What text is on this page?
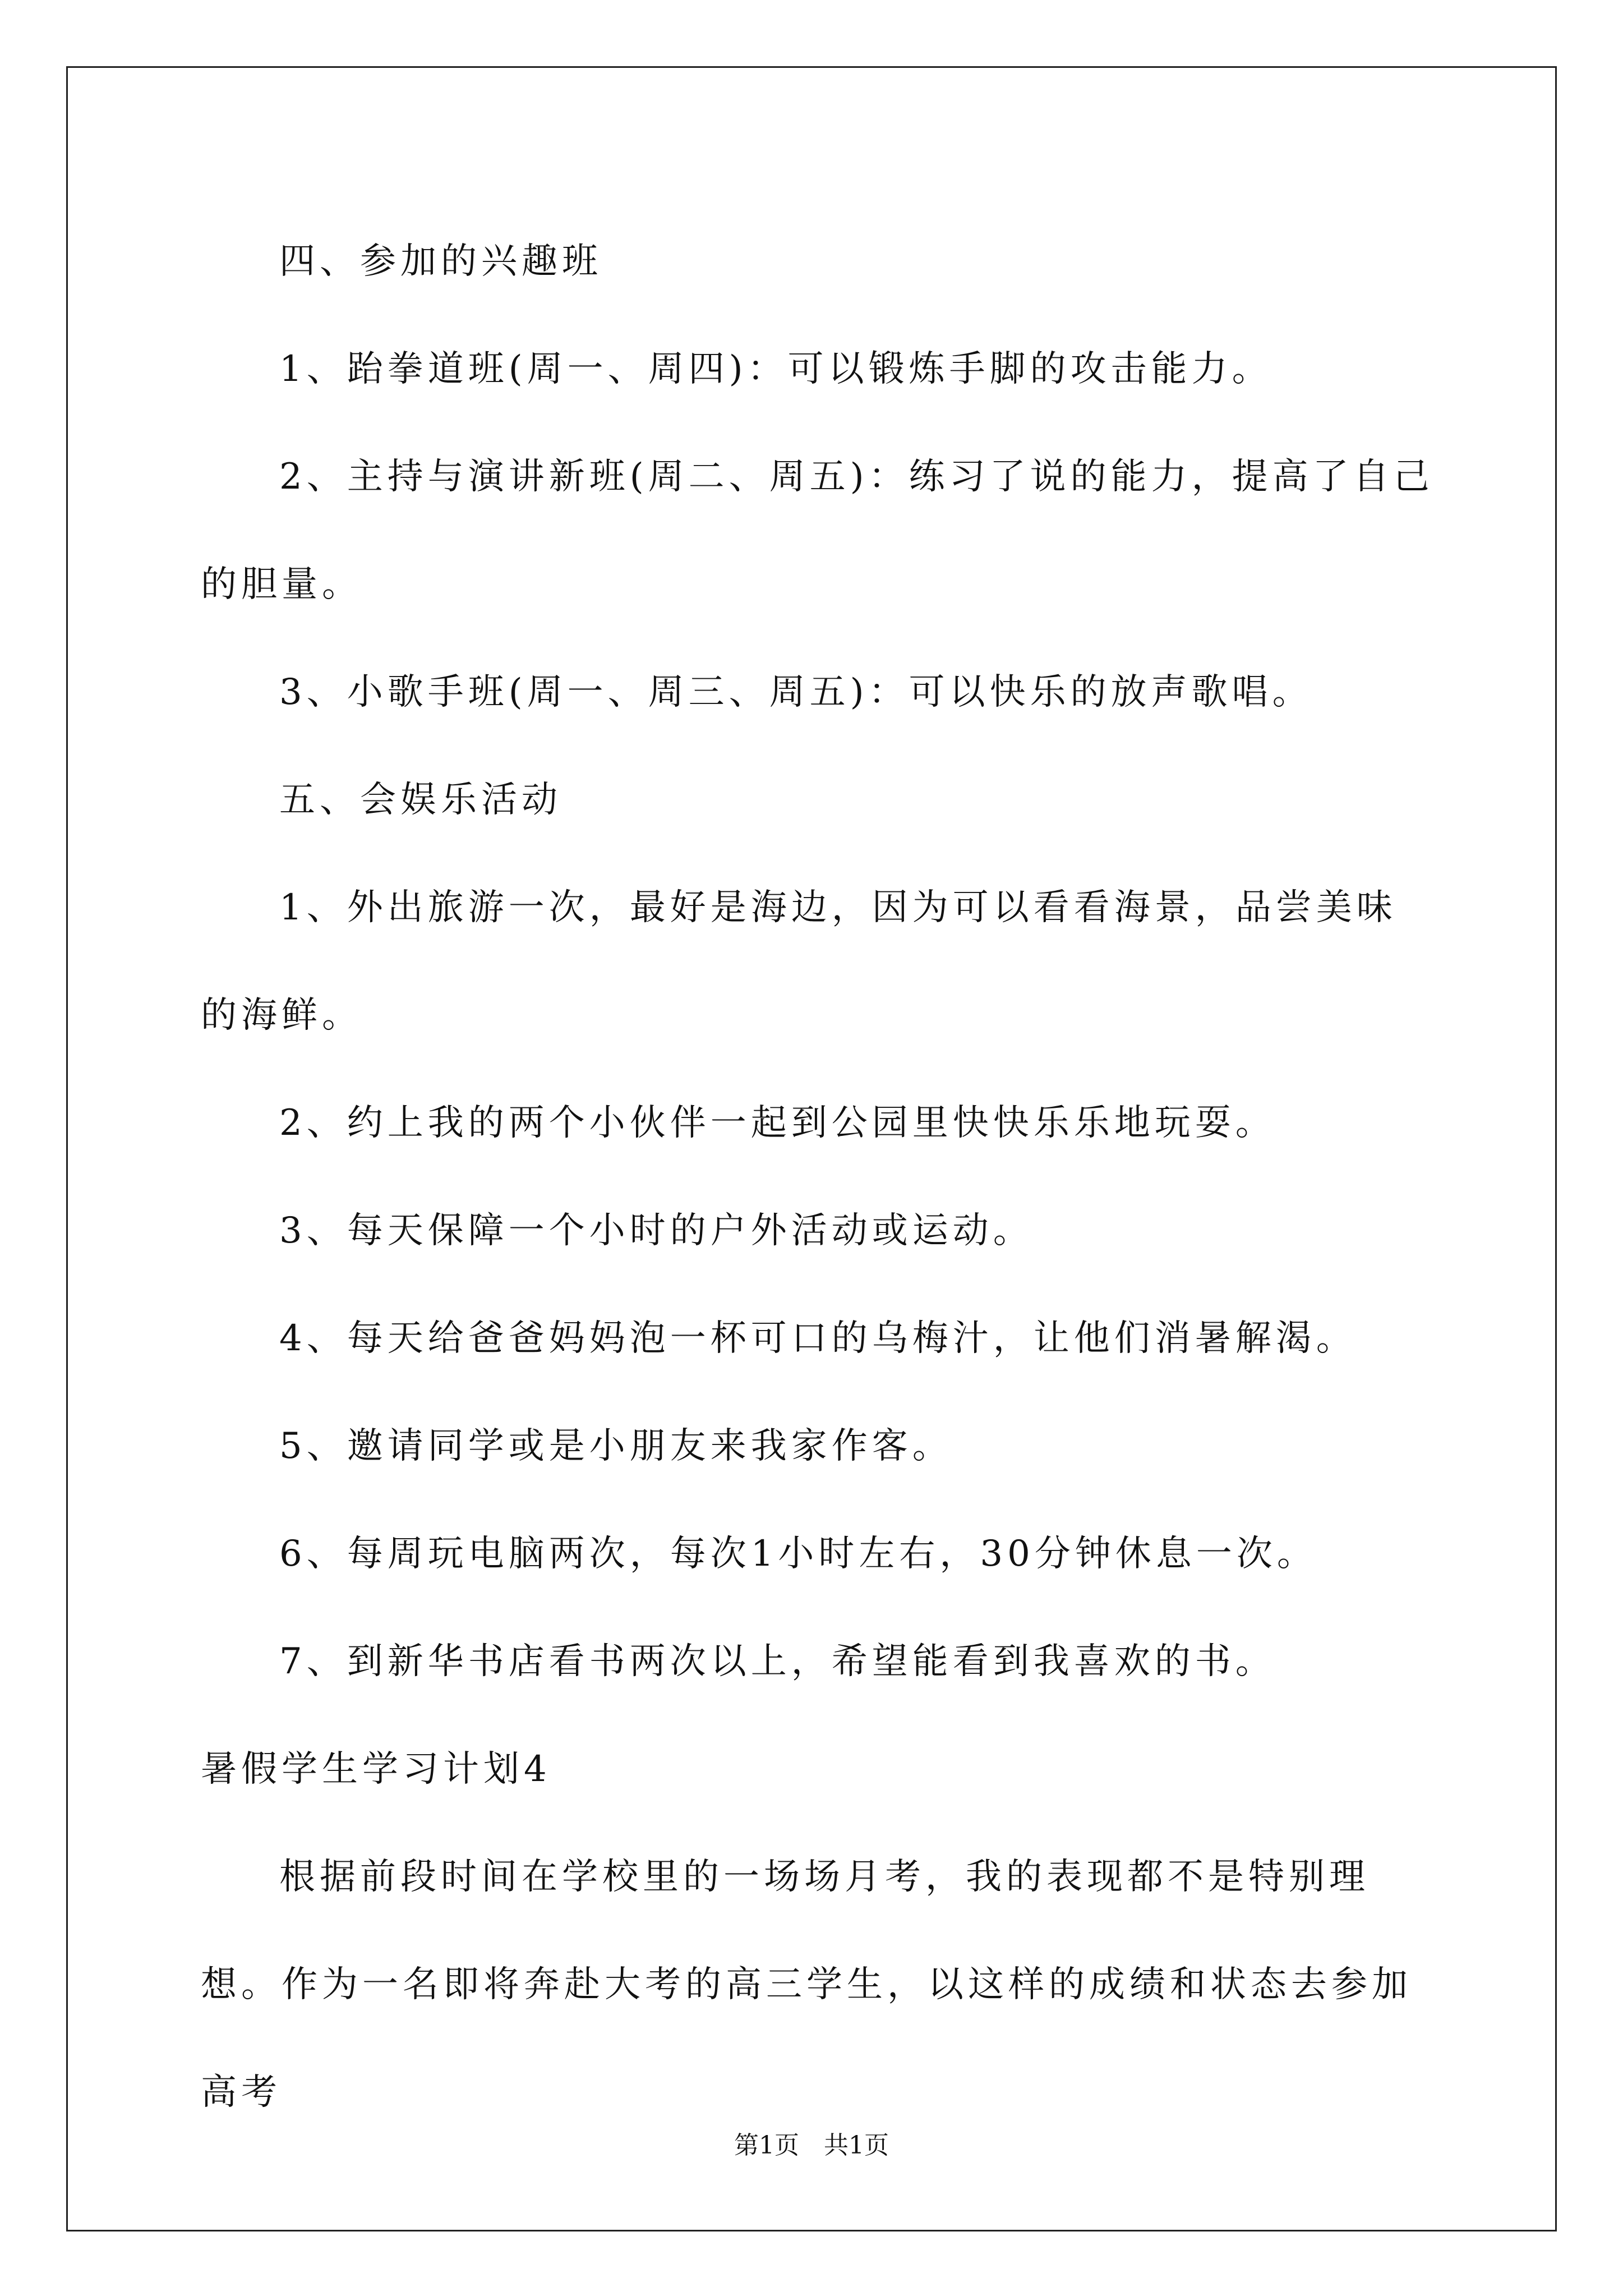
四、参加的兴趣班

1、跆拳道班(周一、周四)：可以锻炼手脚的攻击能力。

2、主持与演讲新班(周二、周五)：练习了说的能力，提高了自己的胆量。

3、小歌手班(周一、周三、周五)：可以快乐的放声歌唱。

五、会娱乐活动

1、外出旅游一次，最好是海边，因为可以看看海景，品尝美味的海鲜。

2、约上我的两个小伙伴一起到公园里快快乐乐地玩耍。

3、每天保障一个小时的户外活动或运动。

4、每天给爸爸妈妈泡一杯可口的乌梅汁，让他们消暑解渴。

5、邀请同学或是小朋友来我家作客。

6、每周玩电脑两次，每次1小时左右，30分钟休息一次。

7、到新华书店看书两次以上，希望能看到我喜欢的书。

暑假学生学习计划4

根据前段时间在学校里的一场场月考，我的表现都不是特别理想。作为一名即将奔赴大考的高三学生，以这样的成绩和状态去参加高考

第1页　共1页
